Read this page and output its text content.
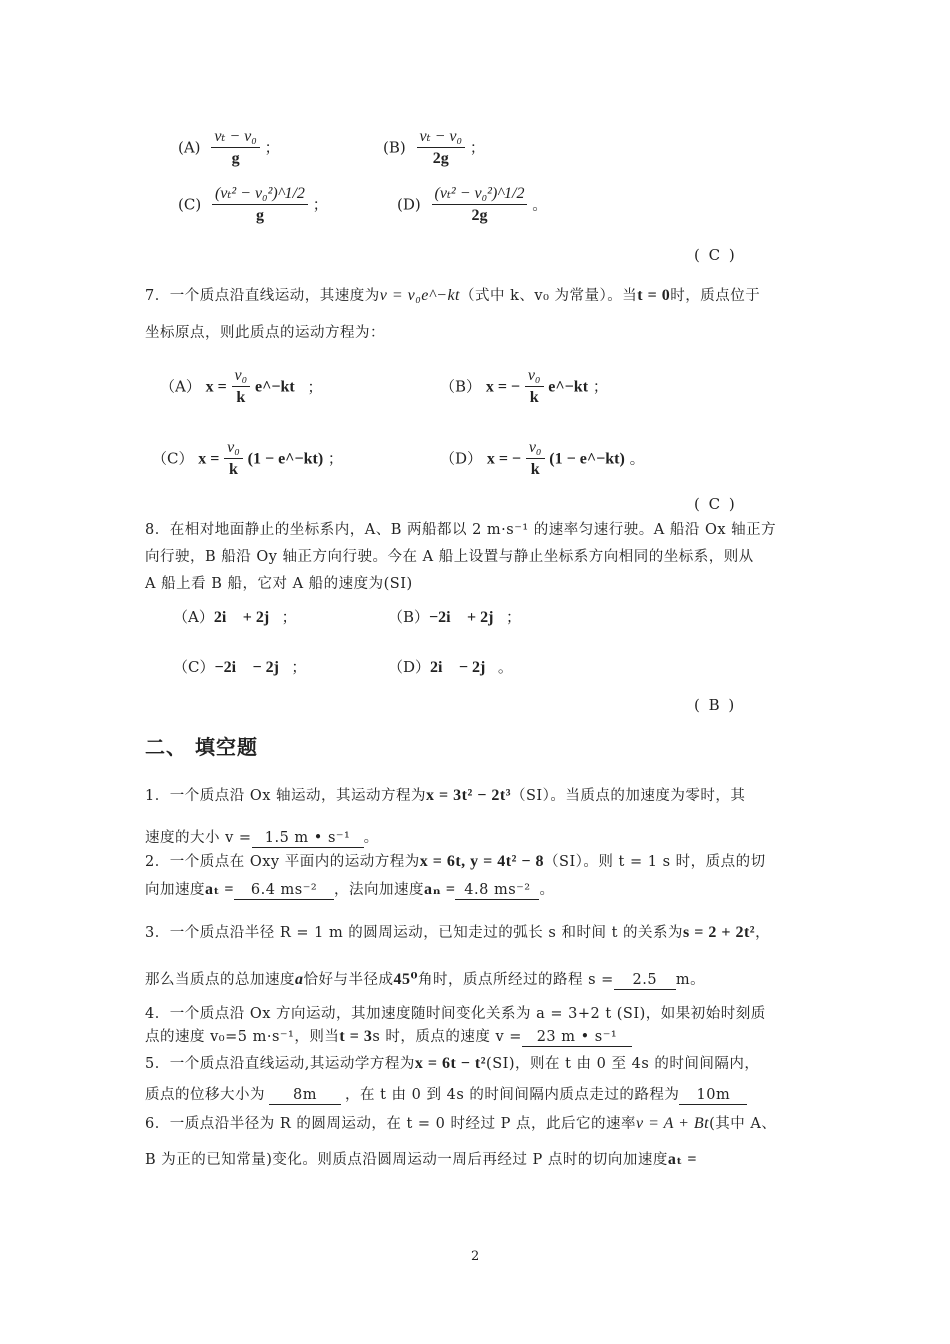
$(A) \frac{\text{vₜ − v₀}}{g}$ ；	$(B) \frac{\text{vₜ − v₀}}{2g}$ ；
$(C) \frac{\text{(vₜ² − v₀²)\textasciicircum{}1/2}}{g}$ ；	$(D) \frac{\text{(vₜ² − v₀²)\textasciicircum{}1/2}}{2g}$ 。
( C )
7．一个质点沿直线运动，其速度为v = v₀e^−kt（式中 k、v₀ 为常量）。当t = 0时，质点位于
坐标原点，则此质点的运动方程为：
（A） $x = \frac{\text{v₀}}{k}$ e^−kt ；	（B） x = − $\frac{\text{v₀}}{k}$ e^−kt ；
（C） $x = \frac{\text{v₀}}{k} (1$ − e^−kt) ；	（D） x = − $\frac{\text{v₀}}{k} (1$ − e^−kt) 。
( C )
8．在相对地面静止的坐标系内，A、B 两船都以 2 m·s⁻¹ 的速率匀速行驶。A 船沿 Ox 轴正方
向行驶，B 船沿 Oy 轴正方向行驶。今在 A 船上设置与静止坐标系方向相同的坐标系，则从
A 船上看 B 船，它对 A 船的速度为(SI)
（A）2i⃗ + 2j⃗；	（B）−2i⃗ + 2j⃗；
（C）−2i⃗ − 2j⃗；	（D）2i⃗ − 2j⃗。
( B )
二、 填空题
1．一个质点沿 Ox 轴运动，其运动方程为x = 3t² − 2t³（SI）。当质点的加速度为零时，其
速度的大小 v = 1.5 m • s⁻¹ 。
2．一个质点在 Oxy 平面内的运动方程为x = 6t, y = 4t² − 8（SI）。则 t = 1 s 时，质点的切
向加速度aₜ = 6.4 ms⁻² ，法向加速度aₙ = 4.8 ms⁻² 。
3．一个质点沿半径 R = 1 m 的圆周运动，已知走过的弧长 s 和时间 t 的关系为s = 2 + 2t²，
那么当质点的总加速度a恰好与半径成45⁰角时，质点所经过的路程 s = 2.5 m。
4．一个质点沿 Ox 方向运动，其加速度随时间变化关系为 a = 3+2 t (SI)，如果初始时刻质
点的速度 v₀=5 m·s⁻¹，则当t = 3s 时，质点的速度 v = 23 m • s⁻¹
5．一个质点沿直线运动,其运动学方程为x = 6t − t²(SI)，则在 t 由 0 至 4s 的时间间隔内，
质点的位移大小为 8m ，在 t 由 0 到 4s 的时间间隔内质点走过的路程为 10m
6．一质点沿半径为 R 的圆周运动，在 t = 0 时经过 P 点，此后它的速率v = A + Bt(其中 A、
B 为正的已知常量)变化。则质点沿圆周运动一周后再经过 P 点时的切向加速度aₜ =
2
